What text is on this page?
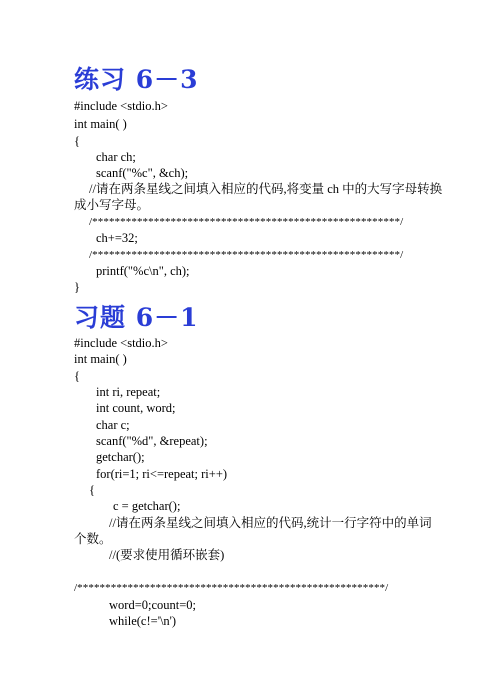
练习 6－3
#include <stdio.h>
int main( )
{
char ch;
scanf("%c", &ch);
//请在两条星线之间填入相应的代码,将变量 ch 中的大写字母转换
成小写字母。
/*******************************************************/
ch+=32;
/*******************************************************/
printf("%c\n", ch);
}
习题 6－1
#include <stdio.h>
int main( )
{
int ri, repeat;
int count, word;
char c;
scanf("%d", &repeat);
getchar();
for(ri=1; ri<=repeat; ri++)
{
c = getchar();
//请在两条星线之间填入相应的代码,统计一行字符中的单词
个数。
//(要求使用循环嵌套)
/*******************************************************/
word=0;count=0;
while(c!='\n')
